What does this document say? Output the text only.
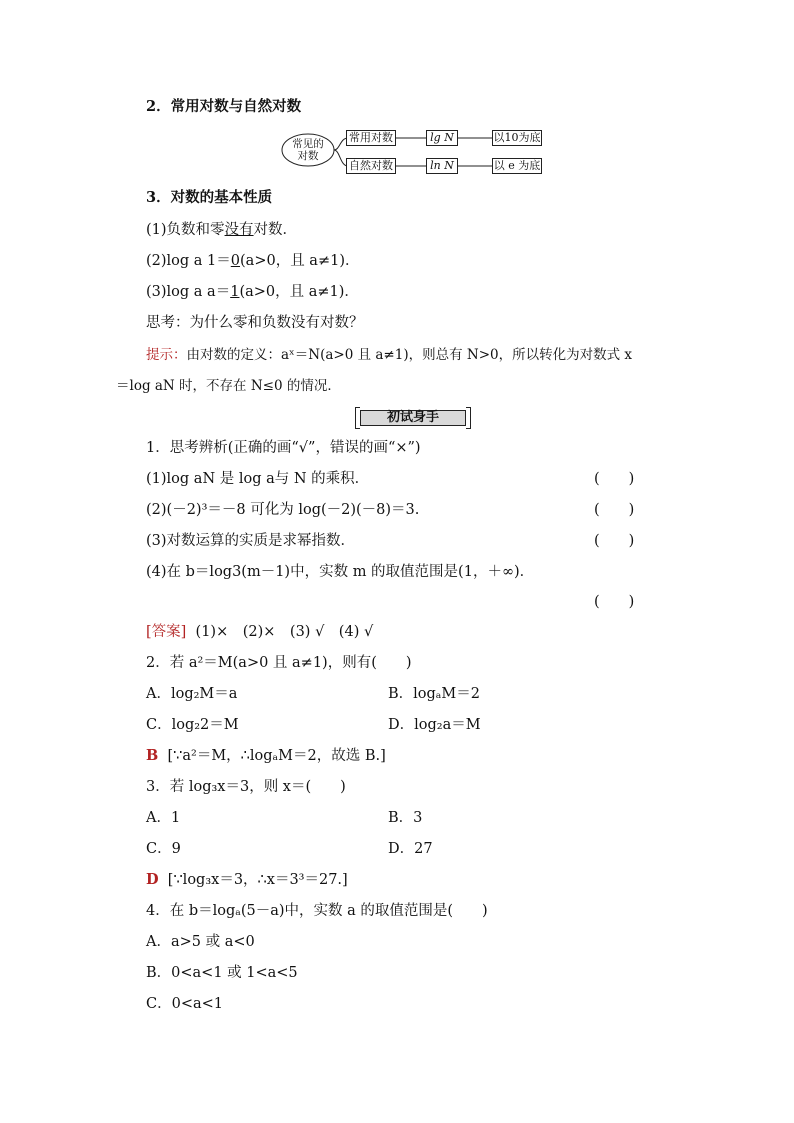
2．常用对数与自然对数
常见的
对数
常用对数	lg N	以10为底
自然对数	ln N	以 e 为底
3．对数的基本性质
(1)负数和零没有对数．
(2)log a 1＝0(a>0，且 a≠1)．
(3)log a a＝1(a>0，且 a≠1)．
思考：为什么零和负数没有对数？
提示：由对数的定义：aˣ＝N(a>0 且 a≠1)，则总有 N>0，所以转化为对数式 x
＝log aN 时，不存在 N≤0 的情况．
初试身手
1．思考辨析(正确的画“√”，错误的画“×”)
(1)log aN 是 log a与 N 的乘积．	(　　)
(2)(－2)³＝－8 可化为 log(－2)(－8)＝3.	(　　)
(3)对数运算的实质是求幂指数．	(　　)
(4)在 b＝log3(m－1)中，实数 m 的取值范围是(1，＋∞)．
(　　)
[答案] (1)×　(2)×　(3) √　(4) √
2．若 a²＝M(a>0 且 a≠1)，则有(　　)
A．log₂M＝a	B．logₐM＝2
C．log₂2＝M	D．log₂a＝M
B [∵a²＝M，∴logₐM＝2，故选 B.]
3．若 log₃x＝3，则 x＝(　　)
A．1	B．3
C．9	D．27
D [∵log₃x＝3，∴x＝3³＝27.]
4．在 b＝logₐ(5－a)中，实数 a 的取值范围是(　　)
A．a>5 或 a<0
B．0<a<1 或 1<a<5
C．0<a<1
